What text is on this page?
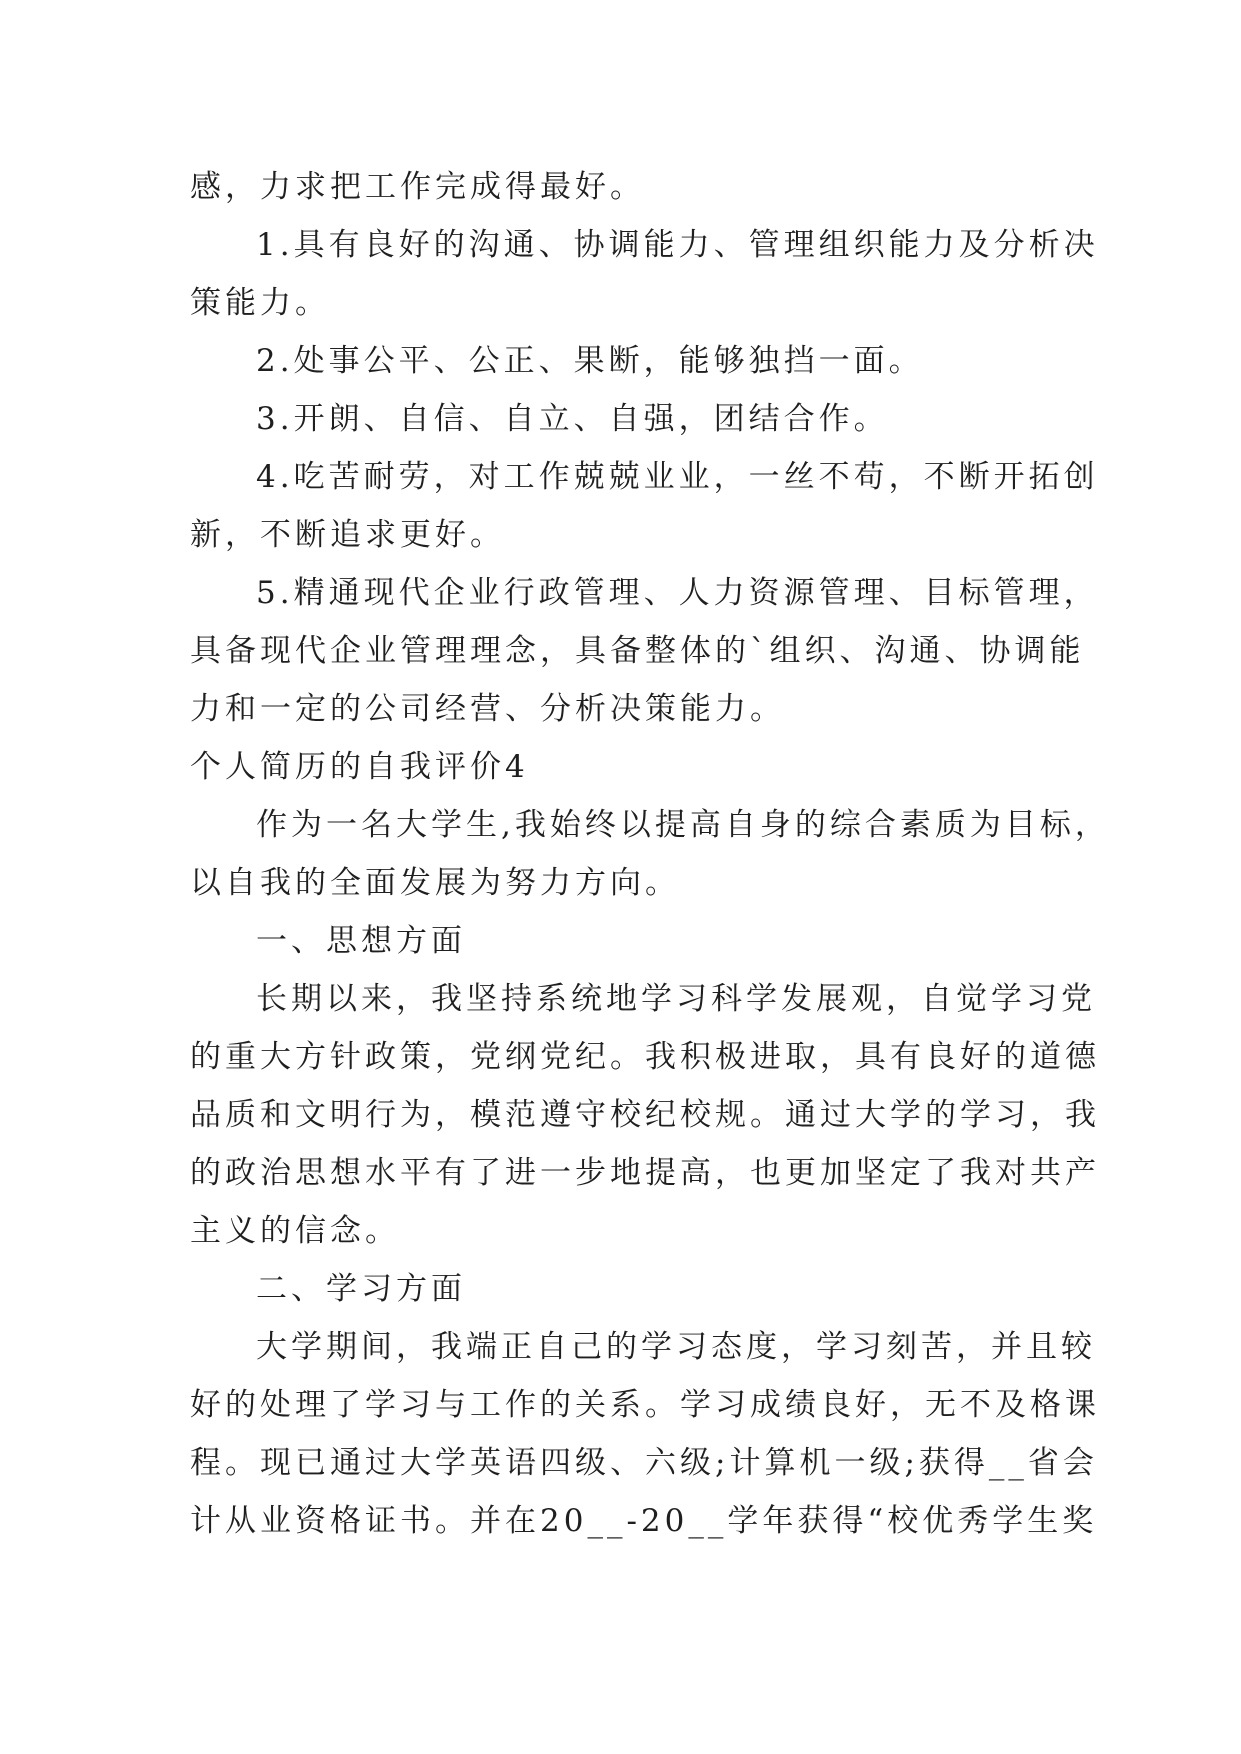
感，力求把工作完成得最好。
1.具有良好的沟通、协调能力、管理组织能力及分析决
策能力。
2.处事公平、公正、果断，能够独挡一面。
3.开朗、自信、自立、自强，团结合作。
4.吃苦耐劳，对工作兢兢业业，一丝不苟，不断开拓创
新，不断追求更好。
5.精通现代企业行政管理、人力资源管理、目标管理，
具备现代企业管理理念，具备整体的`组织、沟通、协调能
力和一定的公司经营、分析决策能力。
个人简历的自我评价4
作为一名大学生,我始终以提高自身的综合素质为目标，
以自我的全面发展为努力方向。
一、思想方面
长期以来，我坚持系统地学习科学发展观，自觉学习党
的重大方针政策，党纲党纪。我积极进取，具有良好的道德
品质和文明行为，模范遵守校纪校规。通过大学的学习，我
的政治思想水平有了进一步地提高，也更加坚定了我对共产
主义的信念。
二、学习方面
大学期间，我端正自己的学习态度，学习刻苦，并且较
好的处理了学习与工作的关系。学习成绩良好，无不及格课
程。现已通过大学英语四级、六级;计算机一级;获得__省会
计从业资格证书。并在20__-20__学年获得“校优秀学生奖
